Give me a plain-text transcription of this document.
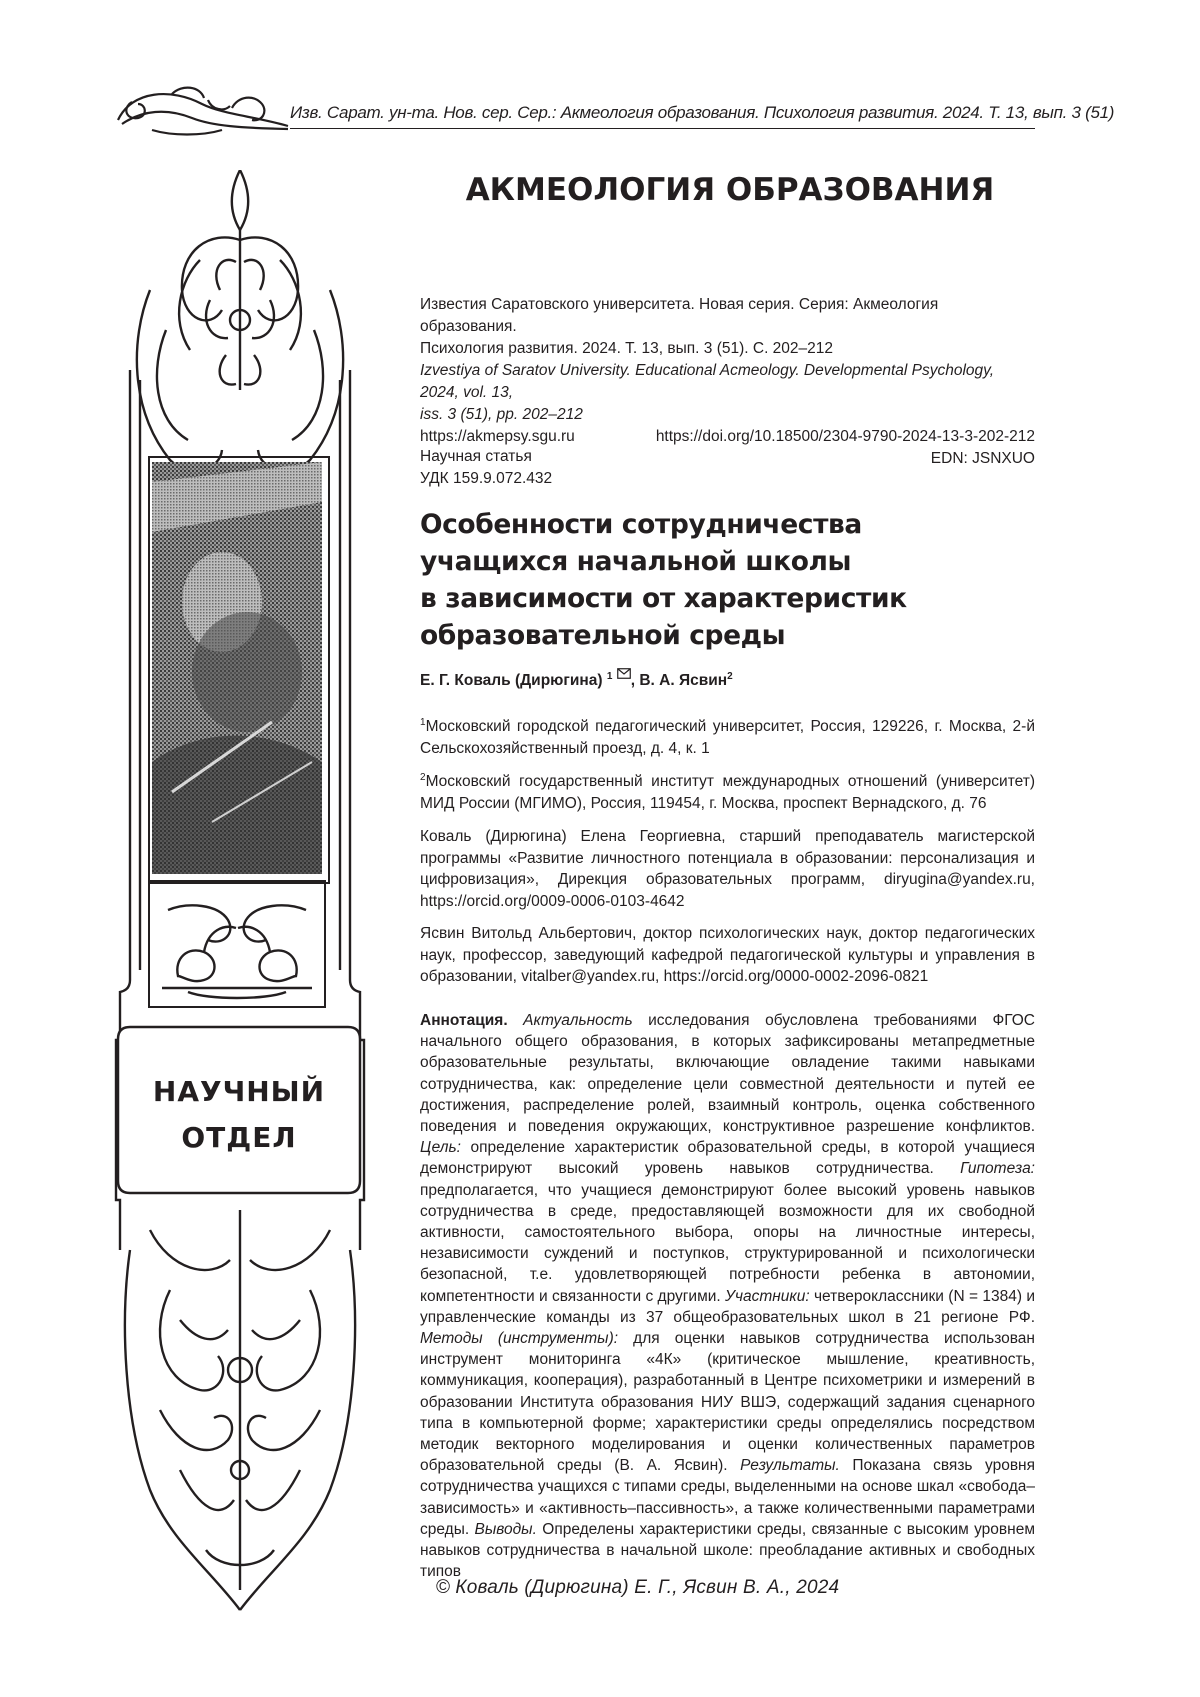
Изв. Сарат. ун-та. Нов. сер. Сер.: Акмеология образования. Психология развития. 2024. Т. 13, вып. 3 (51)
НАУЧНЫЙ
ОТДЕЛ
АКМЕОЛОГИЯ ОБРАЗОВАНИЯ
Известия Саратовского университета. Новая серия. Серия: Акмеология образования.
Психология развития. 2024. Т. 13, вып. 3 (51). С. 202–212
Izvestiya of Saratov University. Educational Acmeology. Developmental Psychology, 2024, vol. 13,
iss. 3 (51), pp. 202–212
https://akmepsy.sgu.ru	https://doi.org/10.18500/2304-9790-2024-13-3-202-212
EDN: JSNXUO
Научная статья
УДК 159.9.072.432
Особенности сотрудничества
учащихся начальной школы
в зависимости от характеристик
образовательной среды
Е. Г. Коваль (Дирюгина) $^1$ , В. А. Ясвин$^2$
$^1$Московский городской педагогический университет, Россия, 129226, г. Москва, 2-й Сельскохозяйственный проезд, д. 4, к. 1
$^2$Московский государственный институт международных отношений (университет) МИД России (МГИМО), Россия, 119454, г. Москва, проспект Вернадского, д. 76
Коваль (Дирюгина) Елена Георгиевна, старший преподаватель магистерской программы «Развитие личностного потенциала в образовании: персонализация и цифровизация», Дирекция образовательных программ, diryugina@yandex.ru, https://orcid.org/0009-0006-0103-4642
Ясвин Витольд Альбертович, доктор психологических наук, доктор педагогических наук, профессор, заведующий кафедрой педагогической культуры и управления в образовании, vitalber@yandex.ru, https://orcid.org/0000-0002-2096-0821
Аннотация. Актуальность исследования обусловлена требованиями ФГОС начального общего образования, в которых зафиксированы метапредметные образовательные результаты, включающие овладение такими навыками сотрудничества, как: определение цели совместной деятельности и путей ее достижения, распределение ролей, взаимный контроль, оценка собственного поведения и поведения окружающих, конструктивное разрешение конфликтов. Цель: определение характеристик образовательной среды, в которой учащиеся демонстрируют высокий уровень навыков сотрудничества. Гипотеза: предполагается, что учащиеся демонстрируют более высокий уровень навыков сотрудничества в среде, предоставляющей возможности для их свободной активности, самостоятельного выбора, опоры на личностные интересы, независимости суждений и поступков, структурированной и психологически безопасной, т.е. удовлетворяющей потребности ребенка в автономии, компетентности и связанности с другими. Участники: четвероклассники (N = 1384) и управленческие команды из 37 общеобразовательных школ в 21 регионе РФ. Методы (инструменты): для оценки навыков сотрудничества использован инструмент мониторинга «4К» (критическое мышление, креативность, коммуникация, кооперация), разработанный в Центре психометрики и измерений в образовании Института образования НИУ ВШЭ, содержащий задания сценарного типа в компьютерной форме; характеристики среды определялись посредством методик векторного моделирования и оценки количественных параметров образовательной среды (В. А. Ясвин). Результаты. Показана связь уровня сотрудничества учащихся с типами среды, выделенными на основе шкал «свобода–зависимость» и «активность–пассивность», а также количественными параметрами среды. Выводы. Определены характеристики среды, связанные с высоким уровнем навыков сотрудничества в начальной школе: преобладание активных и свободных типов
© Коваль (Дирюгина) Е. Г., Ясвин В. А., 2024
